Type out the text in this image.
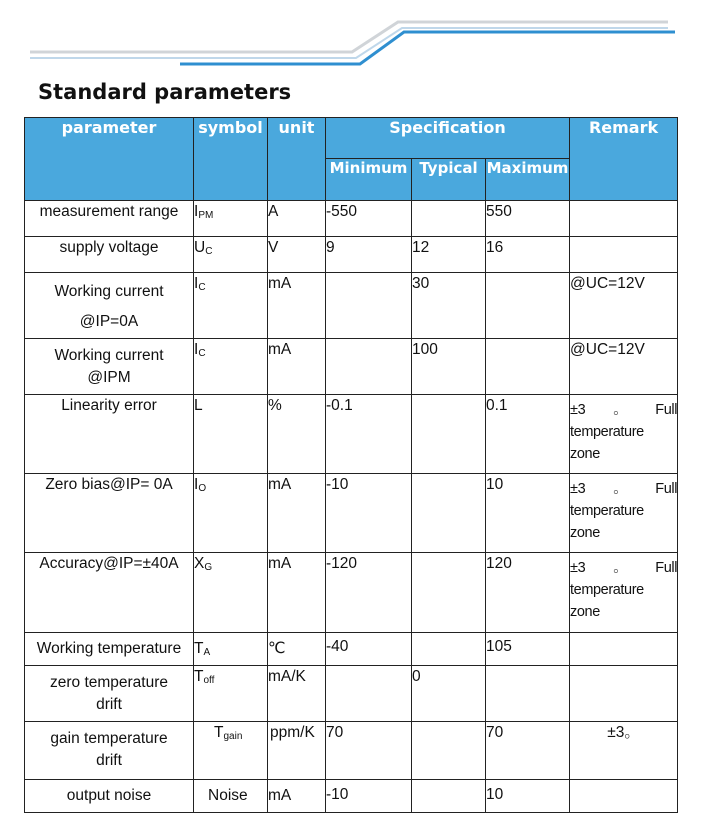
Standard parameters
parameter	symbol	unit	Specification			Remark
			Minimum	Typical	Maximum	
measurement range	$I_{PM}$	A	-550		550	
supply voltage	$U_C$	V	9	12	16	

Working current
@IP=0A	$I_C$	mA		30		@UC=12V

Working current
@IPM	$I_C$	mA		100		@UC=12V
Linearity error	L	%	-0.1		0.1	±3 。 Full
temperature
zone

Zero bias@IP= 0A	$I_O$	mA	-10		10	±3 。 Full
temperature
zone

Accuracy@IP=±40A	$X_G$	mA	-120		120	±3 。 Full
temperature
zone

Working temperature	$T_A$	℃	-40		105	

zero temperature
drift	$T_{off}$	mA/K		0		

gain temperature
drift	$T_{gain}$	ppm/K	70		70	±3。
output noise	Noise	mA	-10		10	
